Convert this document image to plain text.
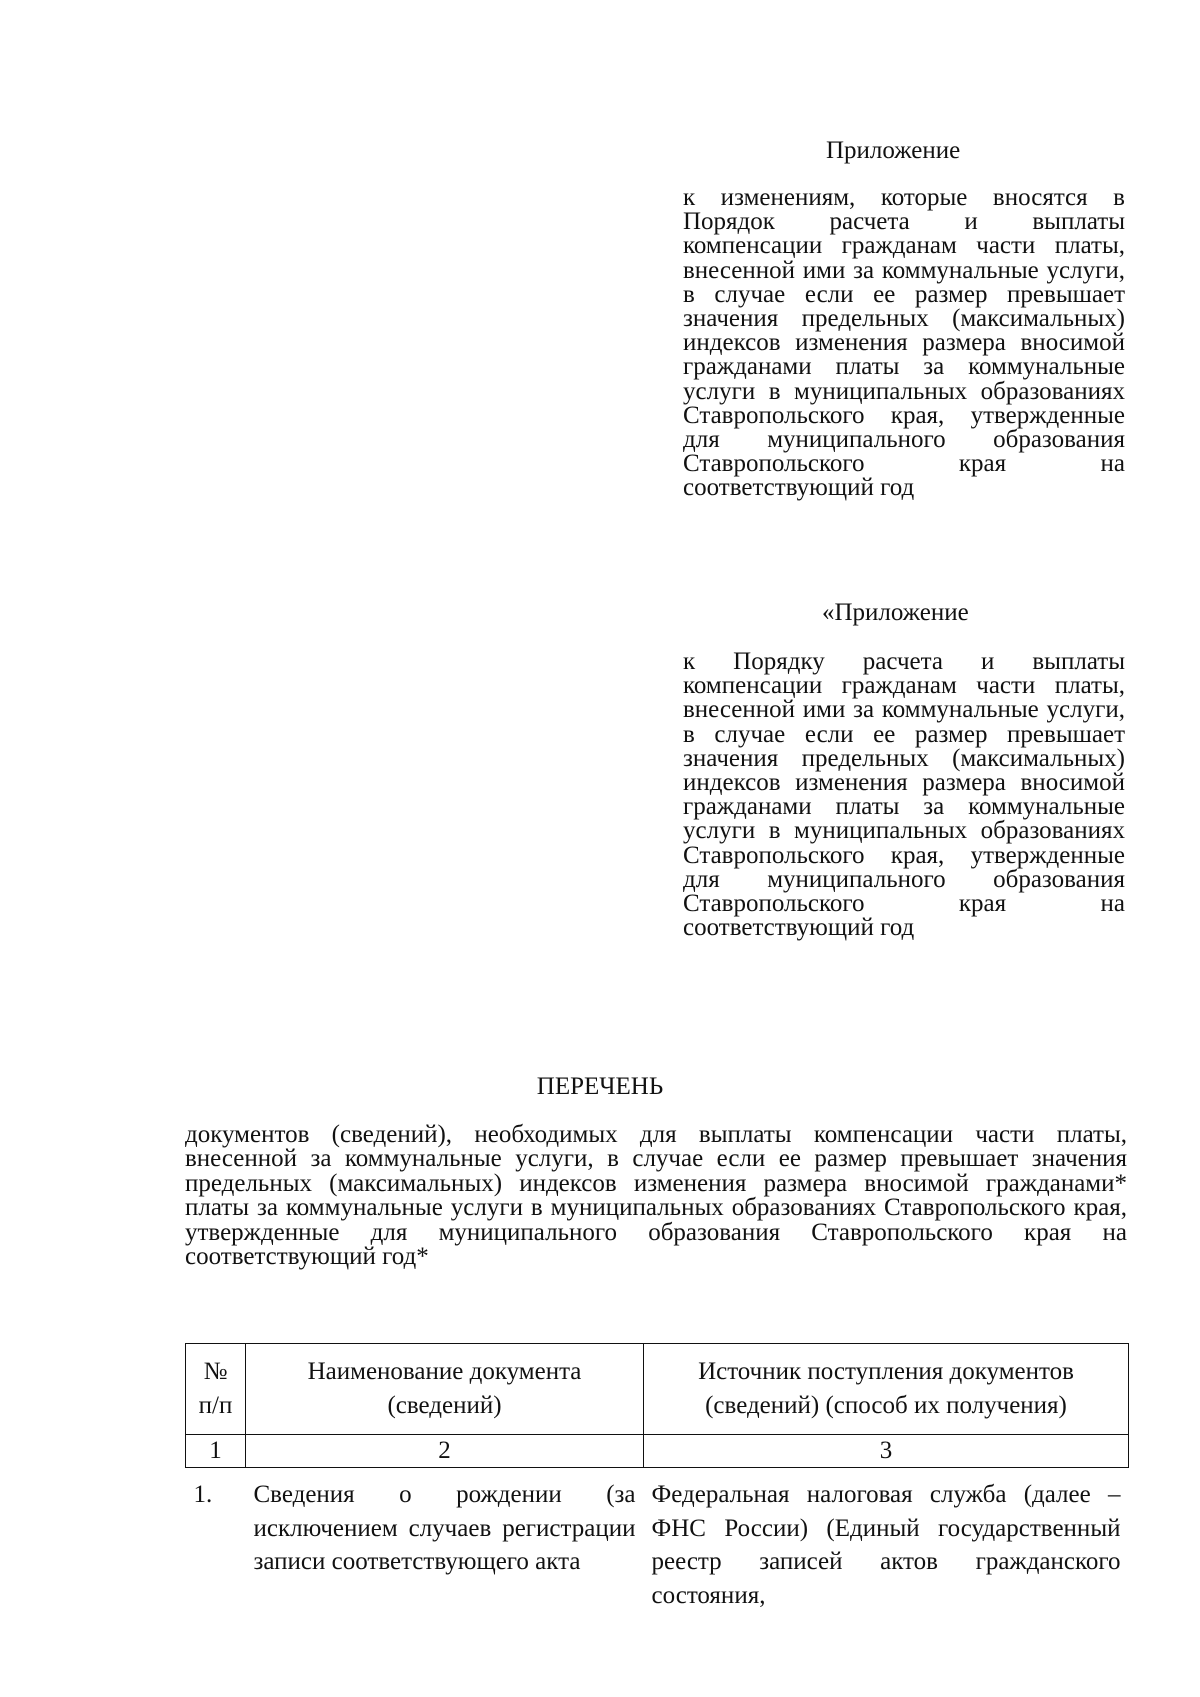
Приложение
к изменениям, которые вносятся в Порядок расчета и выплаты компенсации гражданам части платы, внесенной ими за коммунальные услуги, в случае если ее размер превышает значения предельных (максимальных) индексов изменения размера вносимой гражданами платы за коммунальные услуги в муниципальных образованиях Ставропольского края, утвержденные для муниципального образования Ставропольского края на соответствующий год
«Приложение
к Порядку расчета и выплаты компенсации гражданам части платы, внесенной ими за коммунальные услуги, в случае если ее размер превышает значения предельных (максимальных) индексов изменения размера вносимой гражданами платы за коммунальные услуги в муниципальных образованиях Ставропольского края, утвержденные для муниципального образования Ставропольского края на соответствующий год
ПЕРЕЧЕНЬ
документов (сведений), необходимых для выплаты компенсации части платы, внесенной за коммунальные услуги, в случае если ее размер превышает значения предельных (максимальных) индексов изменения размера вносимой гражданами* платы за коммунальные услуги в муниципальных образованиях Ставропольского края, утвержденные для муниципального образования Ставропольского края на соответствующий год*
№ п/п	Наименование документа (сведений)	Источник поступления документов (сведений) (способ их получения)
1	2	3
1.	Сведения о рождении (за исключением случаев регистрации записи соответствующего акта	Федеральная налоговая служба (далее – ФНС России) (Единый государственный реестр записей актов гражданского состояния,
